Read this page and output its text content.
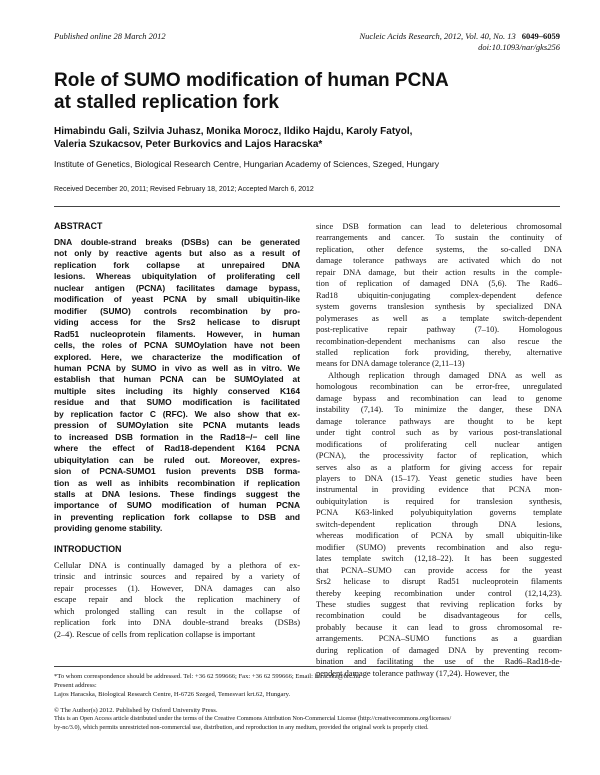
Published online 28 March 2012	Nucleic Acids Research, 2012, Vol. 40, No. 13 6049–6059
doi:10.1093/nar/gks256
Role of SUMO modification of human PCNA
at stalled replication fork
Himabindu Gali, Szilvia Juhasz, Monika Morocz, Ildiko Hajdu, Karoly Fatyol,
Valeria Szukacsov, Peter Burkovics and Lajos Haracska*
Institute of Genetics, Biological Research Centre, Hungarian Academy of Sciences, Szeged, Hungary
Received December 20, 2011; Revised February 18, 2012; Accepted March 6, 2012
ABSTRACT
DNA double-strand breaks (DSBs) can be generated
not only by reactive agents but also as a result of
replication fork collapse at unrepaired DNA
lesions. Whereas ubiquitylation of proliferating cell
nuclear antigen (PCNA) facilitates damage bypass,
modification of yeast PCNA by small ubiquitin-like
modifier (SUMO) controls recombination by pro-
viding access for the Srs2 helicase to disrupt
Rad51 nucleoprotein filaments. However, in human
cells, the roles of PCNA SUMOylation have not been
explored. Here, we characterize the modification of
human PCNA by SUMO in vivo as well as in vitro. We
establish that human PCNA can be SUMOylated at
multiple sites including its highly conserved K164
residue and that SUMO modification is facilitated
by replication factor C (RFC). We also show that ex-
pression of SUMOylation site PCNA mutants leads
to increased DSB formation in the Rad18−/− cell line
where the effect of Rad18-dependent K164 PCNA
ubiquitylation can be ruled out. Moreover, expres-
sion of PCNA-SUMO1 fusion prevents DSB forma-
tion as well as inhibits recombination if replication
stalls at DNA lesions. These findings suggest the
importance of SUMO modification of human PCNA
in preventing replication fork collapse to DSB and
providing genome stability.
INTRODUCTION
Cellular DNA is continually damaged by a plethora of ex-
trinsic and intrinsic sources and repaired by a variety of
repair processes (1). However, DNA damages can also
escape repair and block the replication machinery of
which prolonged stalling can result in the collapse of
replication fork into DNA double-strand breaks (DSBs)
(2–4). Rescue of cells from replication collapse is important
since DSB formation can lead to deleterious chromosomal
rearrangements and cancer. To sustain the continuity of
replication, other defence systems, the so-called DNA
damage tolerance pathways are activated which do not
repair DNA damage, but their action results in the comple-
tion of replication of damaged DNA (5,6). The Rad6–
Rad18 ubiquitin-conjugating complex-dependent defence
system governs translesion synthesis by specialized DNA
polymerases as well as a template switch-dependent
post-replicative repair pathway (7–10). Homologous
recombination-dependent mechanisms can also rescue the
stalled replication fork providing, thereby, alternative
means for DNA damage tolerance (2,11–13)
Although replication through damaged DNA as well as
homologous recombination can be error-free, unregulated
damage bypass and recombination can lead to genome
instability (7,14). To minimize the danger, these DNA
damage tolerance pathways are thought to be kept
under tight control such as by various post-translational
modifications of proliferating cell nuclear antigen
(PCNA), the processivity factor of replication, which
serves also as a platform for giving access for repair
players to DNA (15–17). Yeast genetic studies have been
instrumental in providing evidence that PCNA mon-
oubiquitylation is required for translesion synthesis,
PCNA K63-linked polyubiquitylation governs template
switch-dependent replication through DNA lesions,
whereas modification of PCNA by small ubiquitin-like
modifier (SUMO) prevents recombination and also regu-
lates template switch (12,18–22). It has been suggested
that PCNA–SUMO can provide access for the yeast
Srs2 helicase to disrupt Rad51 nucleoprotein filaments
thereby keeping recombination under control (12,14,23).
These studies suggest that reviving replication forks by
recombination could be disadvantageous for cells,
probably because it can lead to gross chromosomal re-
arrangements. PCNA–SUMO functions as a guardian
during replication of damaged DNA by preventing recom-
bination and facilitating the use of the Rad6–Rad18-de-
pendent damage tolerance pathway (17,24). However, the

*To whom correspondence should be addressed. Tel: +36 62 599666; Fax: +36 62 599666; Email: haracska@brc.hu

Present address:

Lajos Haracska, Biological Research Centre, H-6726 Szeged, Temesvari krt.62, Hungary.

© The Author(s) 2012. Published by Oxford University Press.

This is an Open Access article distributed under the terms of the Creative Commons Attribution Non-Commercial License (http://creativecommons.org/licenses/

by-nc/3.0), which permits unrestricted non-commercial use, distribution, and reproduction in any medium, provided the original work is properly cited.
